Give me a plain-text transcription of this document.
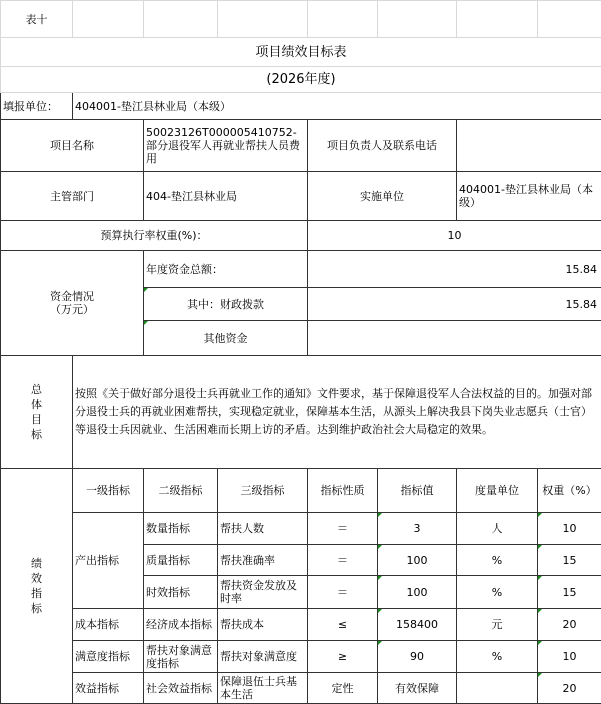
表十							
项目绩效目标表							
(2026年度)							
填报单位：	404001-垫江县林业局（本级）						
项目名称		50023126T000005410752-部分退役军人再就业帮扶人员费用		项目负责人及联系电话			
主管部门		404-垫江县林业局		实施单位		404001-垫江县林业局（本级）	
预算执行率权重(%)：				10			
资金情况
（万元）		年度资金总额：		15.84			
		其中：财政拨款		15.84			
		其他资金					

总体目标	按照《关于做好部分退役士兵再就业工作的通知》文件要求，基于保障退役军人合法权益的目的。加强对部分退役士兵的再就业困难帮扶，实现稳定就业，保障基本生活，从源头上解决我县下岗失业志愿兵（士官）等退役士兵因就业、生活困难而长期上访的矛盾。达到维护政治社会大局稳定的效果。						

绩效指标	一级指标	二级指标	三级指标	指标性质	指标值	度量单位	权重（%）
	产出指标	数量指标	帮扶人数	＝	3	人	10
		质量指标	帮扶准确率	＝	100	%	15
		时效指标	帮扶资金发放及时率	＝	100	%	15
	成本指标	经济成本指标	帮扶成本	≤	158400	元	20
	满意度指标	帮扶对象满意度指标	帮扶对象满意度	≥	90	%	10
	效益指标	社会效益指标	保障退伍士兵基本生活	定性	有效保障		20
